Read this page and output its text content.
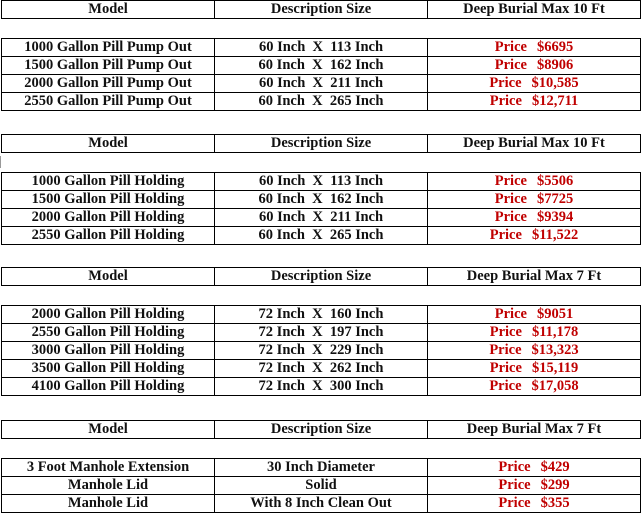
Model	Description Size	Deep Burial Max 10 Ft
1000 Gallon Pill Pump Out	60 Inch  X  113 Inch	Price $6695
1500 Gallon Pill Pump Out	60 Inch  X  162 Inch	Price $8906
2000 Gallon Pill Pump Out	60 Inch  X  211 Inch	Price $10,585
2550 Gallon Pill Pump Out	60 Inch  X  265 Inch	Price $12,711
Model	Description Size	Deep Burial Max 10 Ft
1000 Gallon Pill Holding	60 Inch  X  113 Inch	Price $5506
1500 Gallon Pill Holding	60 Inch  X  162 Inch	Price $7725
2000 Gallon Pill Holding	60 Inch  X  211 Inch	Price $9394
2550 Gallon Pill Holding	60 Inch  X  265 Inch	Price $11,522
Model	Description Size	Deep Burial Max 7 Ft
2000 Gallon Pill Holding	72 Inch  X  160 Inch	Price $9051
2550 Gallon Pill Holding	72 Inch  X  197 Inch	Price $11,178
3000 Gallon Pill Holding	72 Inch  X  229 Inch	Price $13,323
3500 Gallon Pill Holding	72 Inch  X  262 Inch	Price $15,119
4100 Gallon Pill Holding	72 Inch  X  300 Inch	Price $17,058
Model	Description Size	Deep Burial Max 7 Ft
3 Foot Manhole Extension	30 Inch Diameter	Price $429
Manhole Lid	Solid	Price $299
Manhole Lid	With 8 Inch Clean Out	Price $355
